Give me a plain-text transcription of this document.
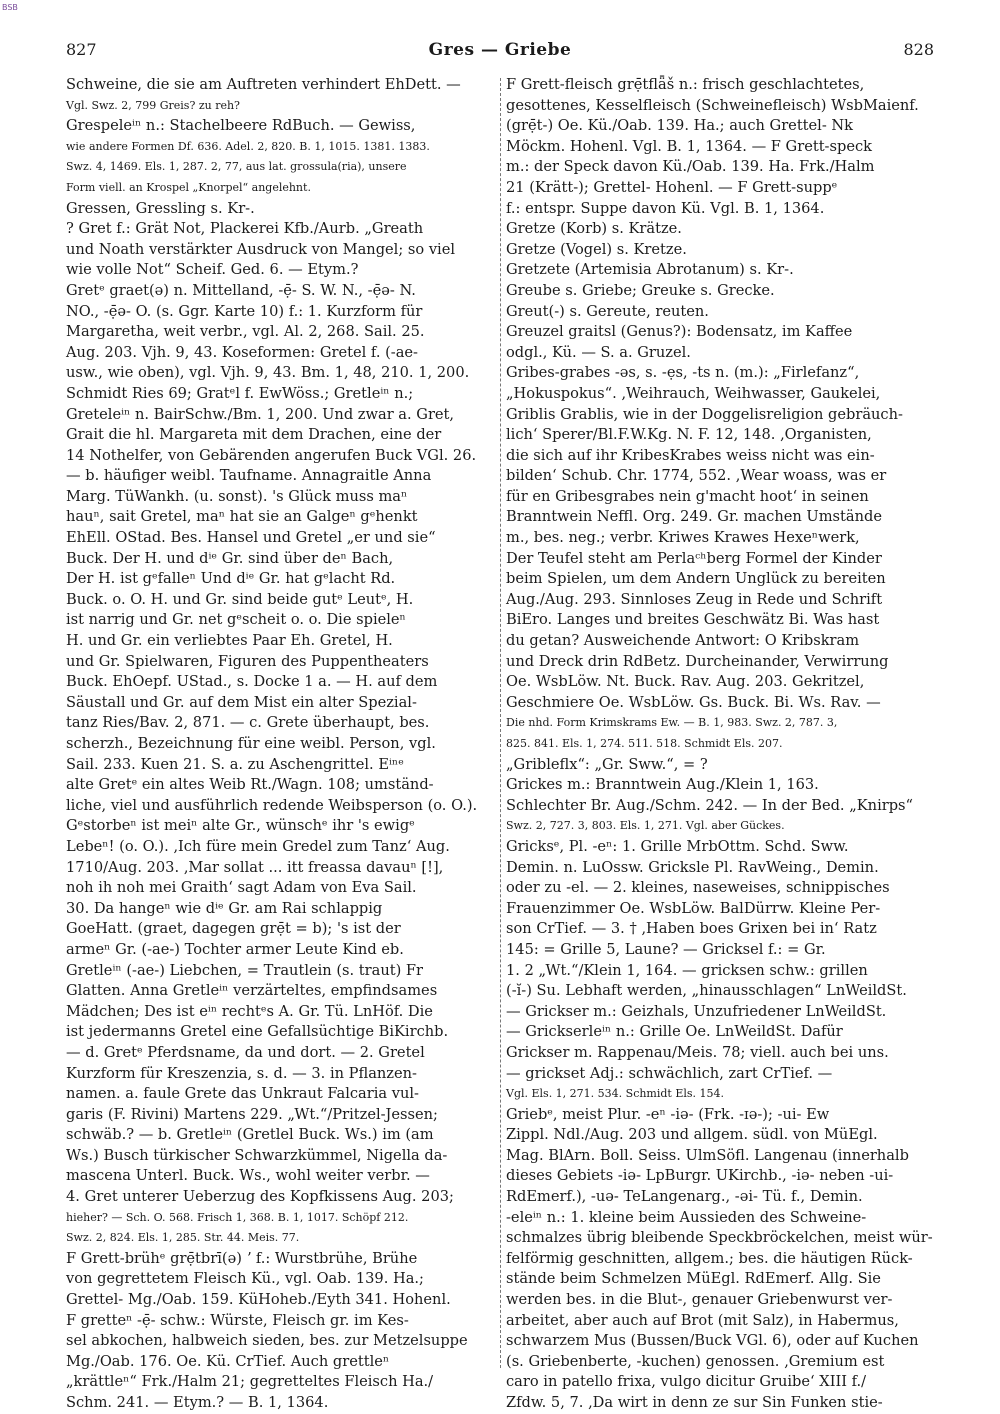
BSB
827	Gres — Griebe	828
Schweine, die sie am Auftreten verhindert EhDett. —
Vgl. Swz. 2, 799 Greis? zu reh?
Grespeleⁱⁿ n.: Stachelbeere RdBuch. — Gewiss,
wie andere Formen Df. 636. Adel. 2, 820. B. 1, 1015. 1381. 1383.
Swz. 4, 1469. Els. 1, 287. 2, 77, aus lat. grossula(ria), unsere
Form viell. an Krospel „Knorpel“ angelehnt.
Gressen, Gressling s. Kr-.
? Gret f.: Grät Not, Plackerei Kfb./Aurb. „Greath
und Noath verstärkter Ausdruck von Mangel; so viel
wie volle Not“ Scheif. Ged. 6. — Etym.?
Gretᵉ graet(ə) n. Mittelland, -ẹ̄- S. W. N., -ẹ̄ə- N.
NO., -ẹ̄ə- O. (s. Ggr. Karte 10) f.: 1. Kurzform für
Margaretha, weit verbr., vgl. Al. 2, 268. Sail. 25.
Aug. 203. Vjh. 9, 43. Koseformen: Gretel f. (-ae-
usw., wie oben), vgl. Vjh. 9, 43. Bm. 1, 48, 210. 1, 200.
Schmidt Ries 69; Gratᵉl f. EwWöss.; Gretleⁱⁿ n.;
Greteleⁱⁿ n. BairSchw./Bm. 1, 200. Und zwar a. Gret,
Grait die hl. Margareta mit dem Drachen, eine der
14 Nothelfer, von Gebärenden angerufen Buck VGl. 26.
— b. häufiger weibl. Taufname. Annagraitle Anna
Marg. TüWankh. (u. sonst). 's Glück muss maⁿ
hauⁿ, sait Gretel, maⁿ hat sie an Galgeⁿ gᵉhenkt
EhEll. OStad. Bes. Hansel und Gretel „er und sie“
Buck. Der H. und dⁱᵉ Gr. sind über deⁿ Bach,
Der H. ist gᵉfalleⁿ Und dⁱᵉ Gr. hat gᵉlacht Rd.
Buck. o. O. H. und Gr. sind beide gutᵉ Leutᵉ, H.
ist narrig und Gr. net gᵉscheit o. o. Die spieleⁿ
H. und Gr. ein verliebtes Paar Eh. Gretel, H.
und Gr. Spielwaren, Figuren des Puppentheaters
Buck. EhOepf. UStad., s. Docke 1 a. — H. auf dem
Säustall und Gr. auf dem Mist ein alter Spezial-
tanz Ries/Bav. 2, 871. — c. Grete überhaupt, bes.
scherzh., Bezeichnung für eine weibl. Person, vgl.
Sail. 233. Kuen 21. S. a. zu Aschengrittel. Eⁱⁿᵉ
alte Gretᵉ ein altes Weib Rt./Wagn. 108; umständ-
liche, viel und ausführlich redende Weibsperson (o. O.).
Gᵉstorbeⁿ ist meiⁿ alte Gr., wünschᵉ ihr 's ewigᵉ
Lebeⁿ! (o. O.). ‚Ich füre mein Gredel zum Tanz‘ Aug.
1710/Aug. 203. ‚Mar sollat ... itt freassa davauⁿ [!],
noh ih noh mei Graith‘ sagt Adam von Eva Sail.
30. Da hangeⁿ wie dⁱᵉ Gr. am Rai schlappig
GoeHatt. (graet, dagegen grẹ̄t = b); 's ist der
armeⁿ Gr. (-ae-) Tochter armer Leute Kind eb.
Gretleⁱⁿ (-ae-) Liebchen, = Trautlein (s. traut) Fr
Glatten. Anna Gretleⁱⁿ verzärteltes, empfindsames
Mädchen; Des ist eⁱⁿ rechtᵉs A. Gr. Tü. LnHöf. Die
ist jedermanns Gretel eine Gefallsüchtige BiKirchb.
— d. Gretᵉ Pferdsname, da und dort. — 2. Gretel
Kurzform für Kreszenzia, s. d. — 3. in Pflanzen-
namen. a. faule Grete das Unkraut Falcaria vul-
garis (F. Rivini) Martens 229. „Wt.“/Pritzel-Jessen;
schwäb.? — b. Gretleⁱⁿ (Gretlel Buck. Ws.) im (am
Ws.) Busch türkischer Schwarzkümmel, Nigella da-
mascena Unterl. Buck. Ws., wohl weiter verbr. —
4. Gret unterer Ueberzug des Kopfkissens Aug. 203;
hieher? — Sch. O. 568. Frisch 1, 368. B. 1, 1017. Schöpf 212.
Swz. 2, 824. Els. 1, 285. Str. 44. Meis. 77.
F Grett-brühᵉ grẹ̄tbrī(ə) ʼ f.: Wurstbrühe, Brühe
von gegrettetem Fleisch Kü., vgl. Oab. 139. Ha.;
Grettel- Mg./Oab. 159. KüHoheb./Eyth 341. Hohenl.
F gretteⁿ -ẹ̄- schw.: Würste, Fleisch gr. im Kes-
sel abkochen, halbweich sieden, bes. zur Metzelsuppe
Mg./Oab. 176. Oe. Kü. CrTief. Auch grettleⁿ
„krättleⁿ“ Frk./Halm 21; gegretteltes Fleisch Ha./
Schm. 241. — Etym.? — B. 1, 1364.
F Grett-fleisch grẹ̄tflǟš n.: frisch geschlachtetes,
gesottenes, Kesselfleisch (Schweinefleisch) WsbMaienf.
(grẹ̄t-) Oe. Kü./Oab. 139. Ha.; auch Grettel- Nk
Möckm. Hohenl. Vgl. B. 1, 1364. — F Grett-speck
m.: der Speck davon Kü./Oab. 139. Ha. Frk./Halm
21 (Krätt-); Grettel- Hohenl. — F Grett-suppᵉ
f.: entspr. Suppe davon Kü. Vgl. B. 1, 1364.
Gretze (Korb) s. Krätze.
Gretze (Vogel) s. Kretze.
Gretzete (Artemisia Abrotanum) s. Kr-.
Greube s. Griebe; Greuke s. Grecke.
Greut(-) s. Gereute, reuten.
Greuzel graitsl (Genus?): Bodensatz, im Kaffee
odgl., Kü. — S. a. Gruzel.
Gribes-grabes -əs, s. -ẹs, -ts n. (m.): „Firlefanz“,
„Hokuspokus“. ‚Weihrauch, Weihwasser, Gaukelei,
Griblis Grablis, wie in der Doggelisreligion gebräuch-
lich‘ Sperer/Bl.F.W.Kg. N. F. 12, 148. ‚Organisten,
die sich auf ihr KribesKrabes weiss nicht was ein-
bilden‘ Schub. Chr. 1774, 552. ‚Wear woass, was er
für en Gribesgrabes nein g'macht hoot‘ in seinen
Branntwein Neffl. Org. 249. Gr. machen Umstände
m., bes. neg.; verbr. Kriwes Krawes Hexeⁿwerk,
Der Teufel steht am Perlaᶜʰberg Formel der Kinder
beim Spielen, um dem Andern Unglück zu bereiten
Aug./Aug. 293. Sinnloses Zeug in Rede und Schrift
BiEro. Langes und breites Geschwätz Bi. Was hast
du getan? Ausweichende Antwort: O Kribskram
und Dreck drin RdBetz. Durcheinander, Verwirrung
Oe. WsbLöw. Nt. Buck. Rav. Aug. 203. Gekritzel,
Geschmiere Oe. WsbLöw. Gs. Buck. Bi. Ws. Rav. —
Die nhd. Form Krimskrams Ew. — B. 1, 983. Swz. 2, 787. 3,
825. 841. Els. 1, 274. 511. 518. Schmidt Els. 207.
„Gribleflx“: „Gr. Sww.“, = ?
Grickes m.: Branntwein Aug./Klein 1, 163.
Schlechter Br. Aug./Schm. 242. — In der Bed. „Knirps“
Swz. 2, 727. 3, 803. Els. 1, 271. Vgl. aber Gückes.
Gricksᵉ, Pl. -eⁿ: 1. Grille MrbOttm. Schd. Sww.
Demin. n. LuOssw. Gricksle Pl. RavWeing., Demin.
oder zu -el. — 2. kleines, naseweises, schnippisches
Frauenzimmer Oe. WsbLöw. BalDürrw. Kleine Per-
son CrTief. — 3. † ‚Haben boes Grixen bei in‘ Ratz
145: = Grille 5, Laune? — Gricksel f.: = Gr.
1. 2 „Wt.“/Klein 1, 164. — gricksen schw.: grillen
(-ĭ-) Su. Lebhaft werden, „hinausschlagen“ LnWeildSt.
— Grickser m.: Geizhals, Unzufriedener LnWeildSt.
— Grickserleⁱⁿ n.: Grille Oe. LnWeildSt. Dafür
Grickser m. Rappenau/Meis. 78; viell. auch bei uns.
— grickset Adj.: schwächlich, zart CrTief. —
Vgl. Els. 1, 271. 534. Schmidt Els. 154.
Griebᵉ, meist Plur. -eⁿ -iə- (Frk. -ɪə-); -ui- Ew
Zippl. Ndl./Aug. 203 und allgem. südl. von MüEgl.
Mag. BlArn. Boll. Seiss. UlmSöfl. Langenau (innerhalb
dieses Gebiets -iə- LpBurgr. UKirchb., -iə- neben -ui-
RdEmerf.), -uə- TeLangenarg., -əi- Tü. f., Demin.
-eleⁱⁿ n.: 1. kleine beim Aussieden des Schweine-
schmalzes übrig bleibende Speckbröckelchen, meist wür-
felförmig geschnitten, allgem.; bes. die häutigen Rück-
stände beim Schmelzen MüEgl. RdEmerf. Allg. Sie
werden bes. in die Blut-, genauer Griebenwurst ver-
arbeitet, aber auch auf Brot (mit Salz), in Habermus,
schwarzem Mus (Bussen/Buck VGl. 6), oder auf Kuchen
(s. Griebenberte, -kuchen) genossen. ‚Gremium est
caro in patello frixa, vulgo dicitur Gruibe‘ XIII f./
Zfdw. 5, 7. ‚Da wirt in denn ze sur Sin Funken stie-
